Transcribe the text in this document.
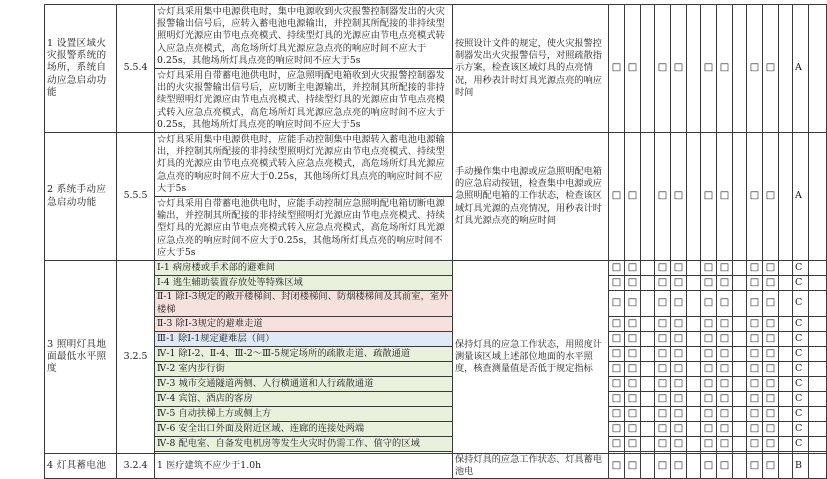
1 设置区域火灾报警系统的场所，系统自动应急启动功能	5.5.4	☆灯具采用集中电源供电时，集中电源收到火灾报警控制器发出的火灾报警输出信号后，应转入蓄电池电源输出，并控制其所配接的非持续型照明灯光源应由节电点亮模式、持续型灯具的光源应由节电点亮模式转入应急点亮模式，高危场所灯具光源应急点亮的响应时间不应大于0.25s，其他场所灯具点亮的响应时间不应大于5s	按照设计文件的规定，使火灾报警控制器发出火灾报警信号，对照疏散指示方案，检查该区域灯具的点亮情况，用秒表计时灯具光源点亮的响应时间	□	□		□	□		□	□		□	□		A	
		☆灯具采用自带蓄电池供电时，应急照明配电箱收到火灾报警控制器发出的火灾报警输出信号后，应切断主电源输出，并控制其所配接的非持续型照明灯光源应由节电点亮模式、持续型灯具的光源应由节电点亮模式转入应急点亮模式，高危场所灯具光源应急点亮的响应时间不应大于0.25s，其他场所灯具点亮的响应时间不应大于5s															
2 系统手动应急启动功能	5.5.5	☆灯具采用集中电源供电时，应能手动控制集中电源转入蓄电池电源输出，并控制其所配接的非持续型照明灯光源应由节电点亮模式、持续型灯具的光源应由节电点亮模式转入应急点亮模式，高危场所灯具光源应急点亮的响应时间不应大于0.25s，其他场所灯具点亮的响应时间不应大于5s	手动操作集中电源或应急照明配电箱的应急启动按钮，检查集中电源或应急照明配电箱的工作状态，检查该区域灯具光源的点亮情况，用秒表计时灯具光源点亮的响应时间	□	□		□	□		□	□		□	□		A	
		☆灯具采用自带蓄电池供电时，应能手动控制应急照明配电箱切断电源输出，并控制其所配接的非持续型照明灯光源应由节电点亮模式、持续型灯具的光源应由节电点亮模式转入应急点亮模式，高危场所灯具光源应急点亮的响应时间不应大于0.25s，其他场所灯具点亮的响应时间不应大于5s															
3 照明灯具地面最低水平照度	3.2.5	Ⅰ-1 病房楼或手术部的避难间	保持灯具的应急工作状态，用照度计测量该区域上述部位地面的水平照度，核查测量值是否低于规定指标	□	□		□	□		□	□		□	□		C	
		Ⅰ-4 逃生辅助装置存放处等特殊区域		□	□		□	□		□	□		□	□		C	
		Ⅱ-1 除Ⅰ-3规定的敞开楼梯间、封闭楼梯间、防烟楼梯间及其前室，室外楼梯		□	□		□	□		□	□		□	□		C	
		Ⅱ-3 除Ⅰ-3规定的避难走道		□	□		□	□		□	□		□	□		C	
		Ⅲ-1 除Ⅰ-1规定避难层（间）		□	□		□	□		□	□		□	□		C	
		Ⅳ-1 除Ⅰ-2、Ⅱ-4、Ⅲ-2～Ⅲ-5规定场所的疏散走道、疏散通道		□	□		□	□		□	□		□	□		C	
		Ⅳ-2 室内步行街		□	□		□	□		□	□		□	□		C	
		Ⅳ-3 城市交通隧道两侧、人行横通道和人行疏散通道		□	□		□	□		□	□		□	□		C	
		Ⅳ-4 宾馆、酒店的客房		□	□		□	□		□	□		□	□		C	
		Ⅳ-5 自动扶梯上方或侧上方		□	□		□	□		□	□		□	□		C	
		Ⅳ-6 安全出口外面及附近区域、连廊的连接处两端		□	□		□	□		□	□		□	□		C	
		Ⅳ-8 配电室、自备发电机房等发生火灾时仍需工作、值守的区域		□	□		□	□		□	□		□	□		C	

4 灯具蓄电池	3.2.4	1 医疗建筑不应少于1.0h	保持灯具的应急工作状态、灯具蓄电池电	□	□		□	□		□	□		□	□		B	
